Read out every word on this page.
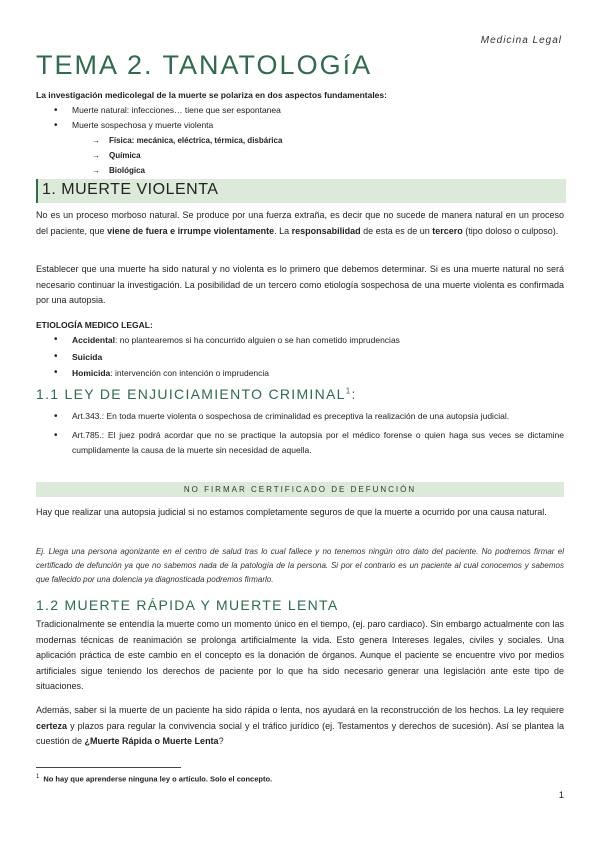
Medicina Legal
TEMA 2. TANATOLOGíA

La investigación medicolegal de la muerte se polariza en dos aspectos fundamentales:

• Muerte natural: infecciones… tiene que ser espontanea
• Muerte sospechosa y muerte violenta
→ Física: mecánica, eléctrica, térmica, disbárica
→ Química
→ Biológica
1. MUERTE VIOLENTA

No es un proceso morboso natural. Se produce por una fuerza extraña, es decir que no sucede de manera natural en un proceso del paciente, que viene de fuera e irrumpe violentamente. La responsabilidad de esta es de un tercero (tipo doloso o culposo).

Establecer que una muerte ha sido natural y no violenta es lo primero que debemos determinar. Si es una muerte natural no será necesario continuar la investigación. La posibilidad de un tercero como etiología sospechosa de una muerte violenta es confirmada por una autopsia.

ETIOLOGÍA MEDICO LEGAL:

• Accidental: no plantearemos si ha concurrido alguien o se han cometido imprudencias
• Suicida
• Homicida: intervención con intención o imprudencia
1.1 LEY DE ENJUICIAMIENTO CRIMINAL$^1$:
• Art.343.: En toda muerte violenta o sospechosa de criminalidad es preceptiva la realización de una autopsia judicial.
• Art.785.: El juez podrá acordar que no se practique la autopsia por el médico forense o quien haga sus veces se dictamine cumplidamente la causa de la muerte sin necesidad de aquella.
NO FIRMAR CERTIFICADO DE DEFUNCIÓN

Hay que realizar una autopsia judicial si no estamos completamente seguros de que la muerte a ocurrido por una causa natural.

Ej. Llega una persona agonizante en el centro de salud tras lo cual fallece y no tenemos ningún otro dato del paciente. No podremos firmar el certificado de defunción ya que no sabemos nada de la patología de la persona. Si por el contrario es un paciente al cual conocemos y sabemos que fallecido por una dolencia ya diagnosticada podremos firmarlo.

1.2 MUERTE RÁPIDA Y MUERTE LENTA

Tradicionalmente se entendía la muerte como un momento único en el tiempo, (ej. paro cardiaco). Sin embargo actualmente con las modernas técnicas de reanimación se prolonga artificialmente la vida. Esto genera Intereses legales, civiles y sociales. Una aplicación práctica de este cambio en el concepto es la donación de órganos. Aunque el paciente se encuentre vivo por medios artificiales sigue teniendo los derechos de paciente por lo que ha sido necesario generar una legislación ante este tipo de situaciones.

Además, saber si la muerte de un paciente ha sido rápida o lenta, nos ayudará en la reconstrucción de los hechos. La ley requiere certeza y plazos para regular la convivencia social y el tráfico jurídico (ej. Testamentos y derechos de sucesión). Así se plantea la cuestión de ¿Muerte Rápida o Muerte Lenta?

$^1$ No hay que aprenderse ninguna ley o artículo. Solo el concepto.

1
